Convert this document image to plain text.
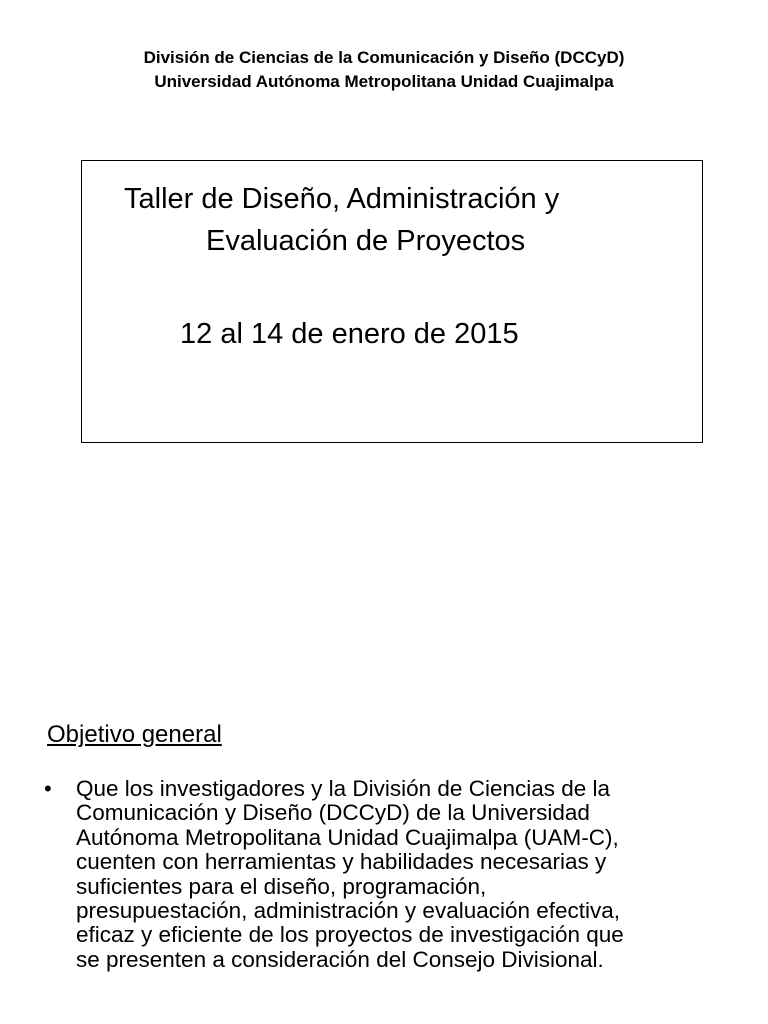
División de Ciencias de la Comunicación y Diseño (DCCyD)
Universidad Autónoma Metropolitana Unidad Cuajimalpa
Taller de Diseño, Administración y
Evaluación de Proyectos
12 al 14 de enero de 2015
Objetivo general
• Que los investigadores y la División de Ciencias de la
Comunicación y Diseño (DCCyD) de la Universidad
Autónoma Metropolitana Unidad Cuajimalpa (UAM-C),
cuenten con herramientas y habilidades necesarias y
suficientes para el diseño, programación,
presupuestación, administración y evaluación efectiva,
eficaz y eficiente de los proyectos de investigación que
se presenten a consideración del Consejo Divisional.
